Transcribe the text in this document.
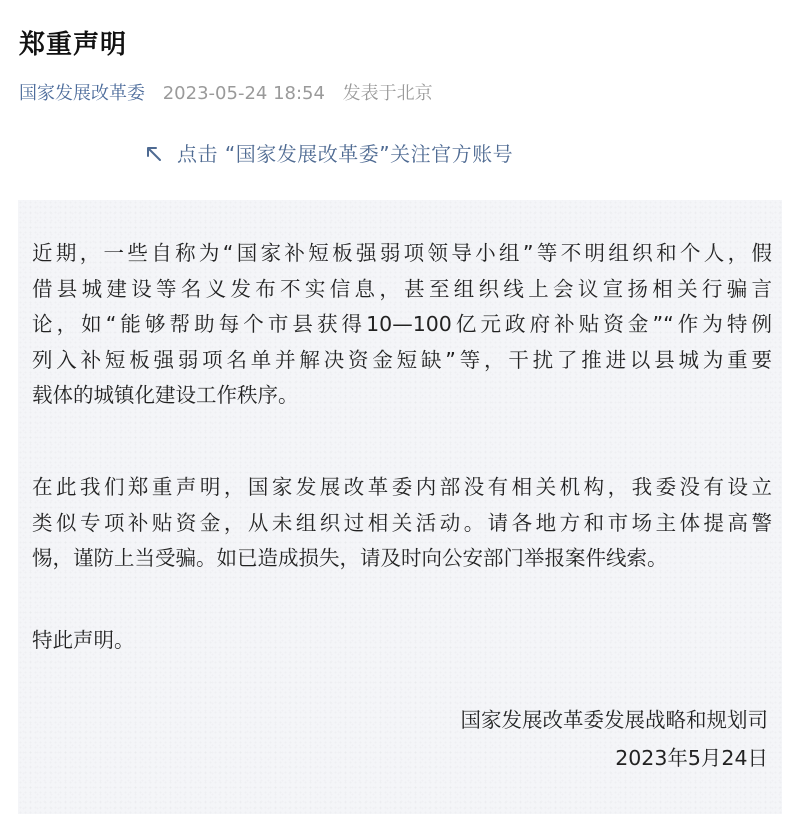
郑重声明
国家发展改革委 2023-05-24 18:54 发表于北京
点击 “国家发展改革委”关注官方账号
近期，一些自称为“国家补短板强弱项领导小组”等不明组织和个人，假
借县城建设等名义发布不实信息，甚至组织线上会议宣扬相关行骗言
论，如“能够帮助每个市县获得10—100亿元政府补贴资金”“作为特例
列入补短板强弱项名单并解决资金短缺”等，干扰了推进以县城为重要
载体的城镇化建设工作秩序。
在此我们郑重声明，国家发展改革委内部没有相关机构，我委没有设立
类似专项补贴资金，从未组织过相关活动。请各地方和市场主体提高警
惕，谨防上当受骗。如已造成损失，请及时向公安部门举报案件线索。
特此声明。
国家发展改革委发展战略和规划司
2023年5月24日
